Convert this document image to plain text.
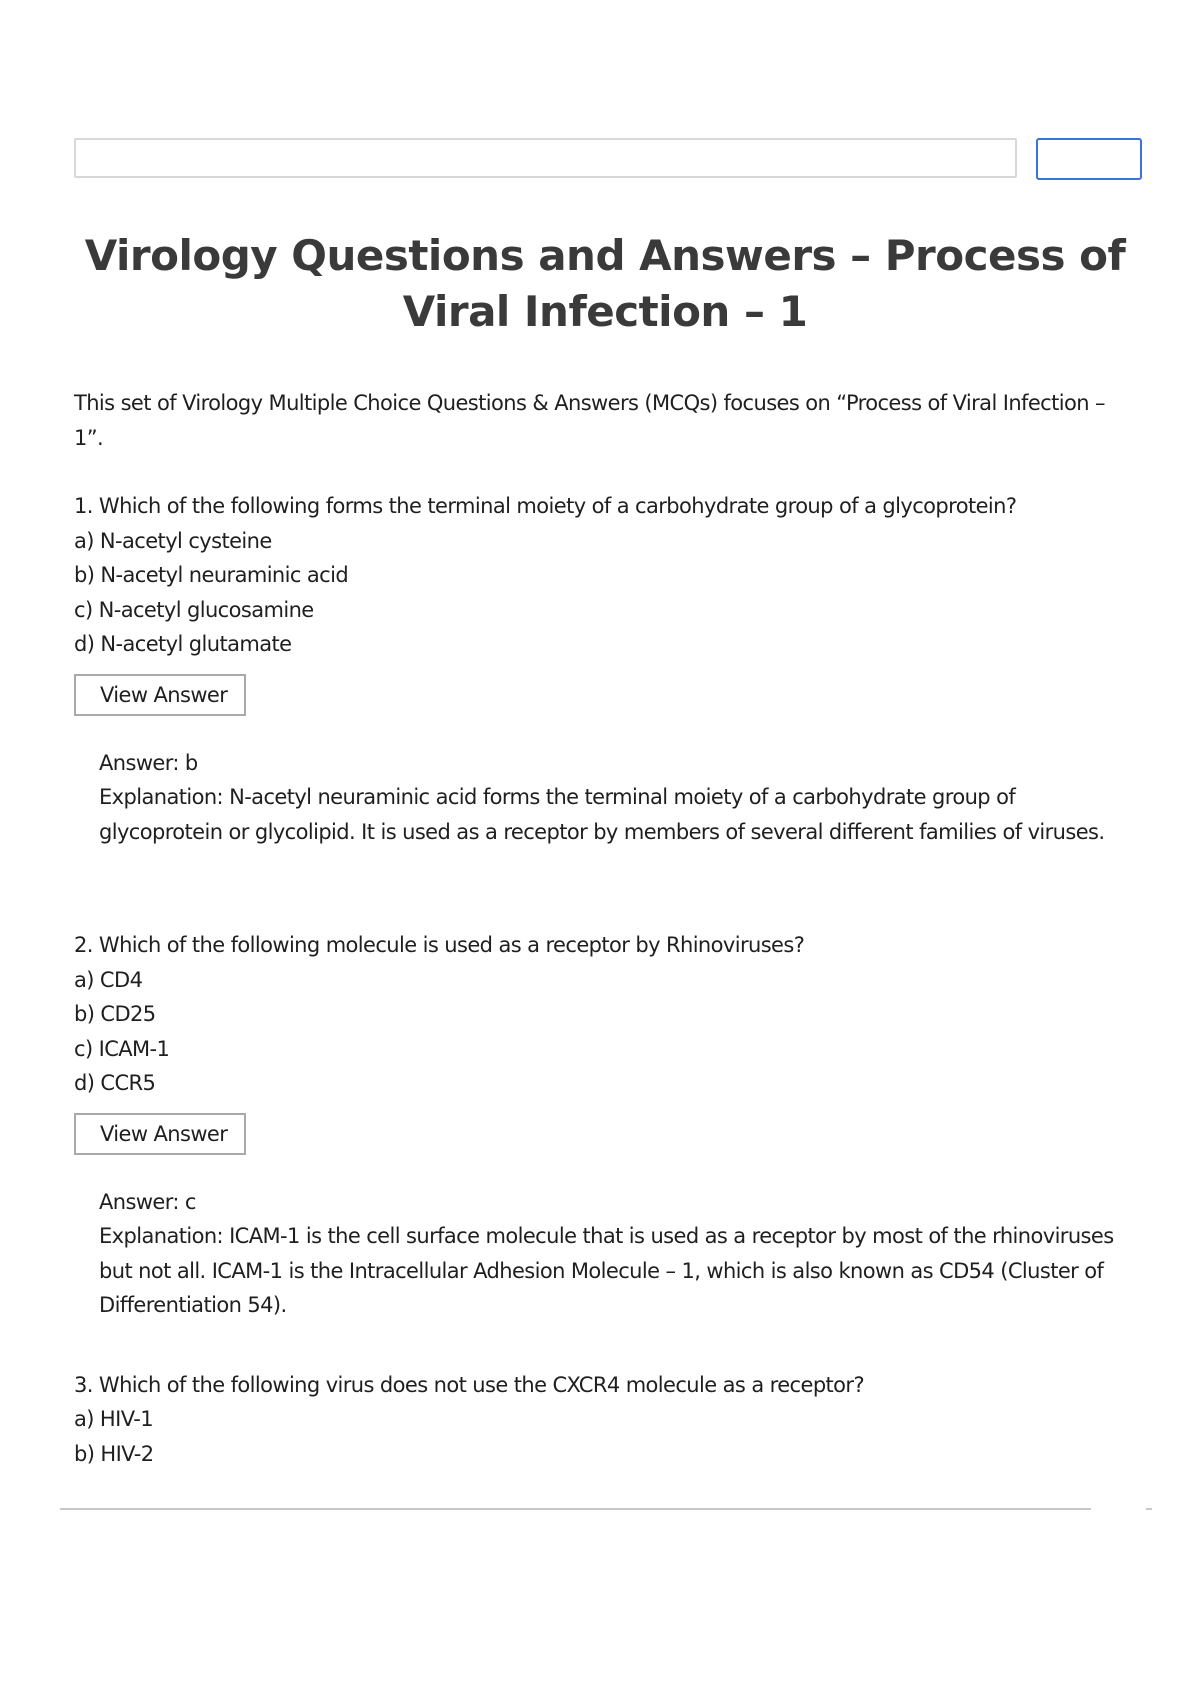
Virology Questions and Answers – Process of Viral Infection – 1

This set of Virology Multiple Choice Questions & Answers (MCQs) focuses on “Process of Viral Infection – 1”.

1. Which of the following forms the terminal moiety of a carbohydrate group of a glycoprotein?
a) N-acetyl cysteine
b) N-acetyl neuraminic acid
c) N-acetyl glucosamine
d) N-acetyl glutamate
View Answer
Answer: b
Explanation: N-acetyl neuraminic acid forms the terminal moiety of a carbohydrate group of glycoprotein or glycolipid. It is used as a receptor by members of several different families of viruses.
2. Which of the following molecule is used as a receptor by Rhinoviruses?
a) CD4
b) CD25
c) ICAM-1
d) CCR5
View Answer
Answer: c
Explanation: ICAM-1 is the cell surface molecule that is used as a receptor by most of the rhinoviruses but not all. ICAM-1 is the Intracellular Adhesion Molecule – 1, which is also known as CD54 (Cluster of Differentiation 54).
3. Which of the following virus does not use the CXCR4 molecule as a receptor?
a) HIV-1
b) HIV-2
